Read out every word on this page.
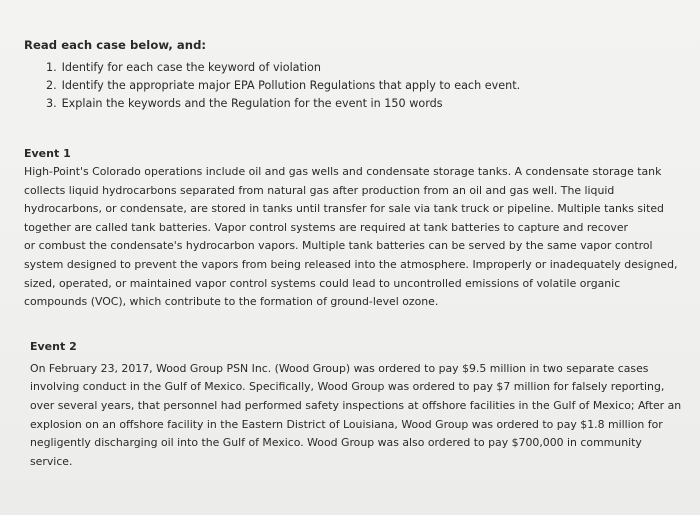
Read each case below, and:
1. Identify for each case the keyword of violation
2. Identify the appropriate major EPA Pollution Regulations that apply to each event.
3. Explain the keywords and the Regulation for the event in 150 words
Event 1
High-Point's Colorado operations include oil and gas wells and condensate storage tanks. A condensate storage tank
collects liquid hydrocarbons separated from natural gas after production from an oil and gas well. The liquid
hydrocarbons, or condensate, are stored in tanks until transfer for sale via tank truck or pipeline. Multiple tanks sited
together are called tank batteries. Vapor control systems are required at tank batteries to capture and recover
or combust the condensate's hydrocarbon vapors. Multiple tank batteries can be served by the same vapor control
system designed to prevent the vapors from being released into the atmosphere. Improperly or inadequately designed,
sized, operated, or maintained vapor control systems could lead to uncontrolled emissions of volatile organic
compounds (VOC), which contribute to the formation of ground-level ozone.
Event 2
On February 23, 2017, Wood Group PSN Inc. (Wood Group) was ordered to pay $9.5 million in two separate cases
involving conduct in the Gulf of Mexico. Specifically, Wood Group was ordered to pay $7 million for falsely reporting,
over several years, that personnel had performed safety inspections at offshore facilities in the Gulf of Mexico; After an
explosion on an offshore facility in the Eastern District of Louisiana, Wood Group was ordered to pay $1.8 million for
negligently discharging oil into the Gulf of Mexico. Wood Group was also ordered to pay $700,000 in community
service.
